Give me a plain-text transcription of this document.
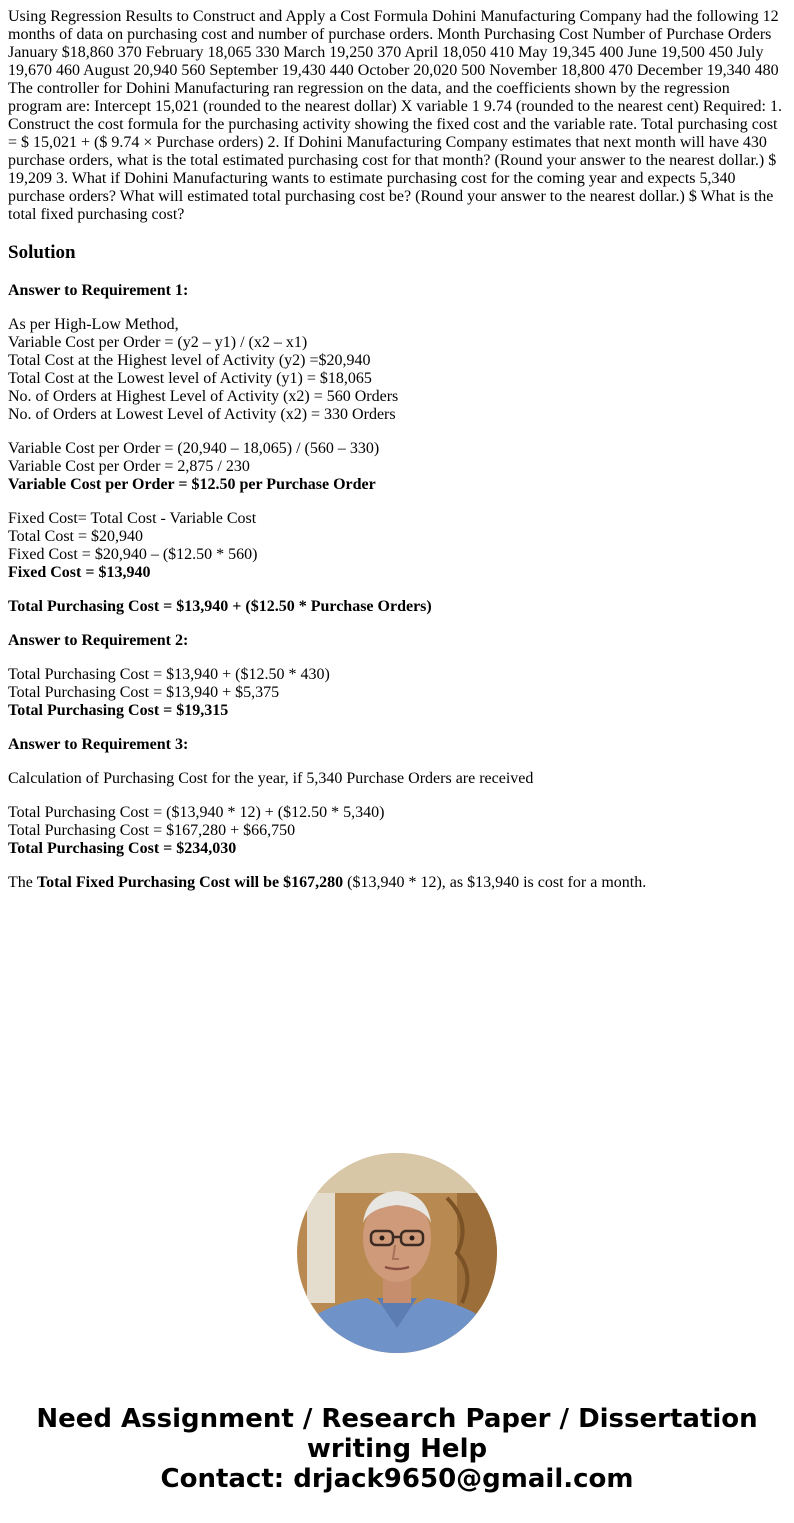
Using Regression Results to Construct and Apply a Cost Formula Dohini Manufacturing Company had the following 12 months of data on purchasing cost and number of purchase orders. Month Purchasing Cost Number of Purchase Orders January $18,860 370 February 18,065 330 March 19,250 370 April 18,050 410 May 19,345 400 June 19,500 450 July 19,670 460 August 20,940 560 September 19,430 440 October 20,020 500 November 18,800 470 December 19,340 480 The controller for Dohini Manufacturing ran regression on the data, and the coefficients shown by the regression program are: Intercept 15,021 (rounded to the nearest dollar) X variable 1 9.74 (rounded to the nearest cent) Required: 1. Construct the cost formula for the purchasing activity showing the fixed cost and the variable rate. Total purchasing cost = $ 15,021 + ($ 9.74 × Purchase orders) 2. If Dohini Manufacturing Company estimates that next month will have 430 purchase orders, what is the total estimated purchasing cost for that month? (Round your answer to the nearest dollar.) $ 19,209 3. What if Dohini Manufacturing wants to estimate purchasing cost for the coming year and expects 5,340 purchase orders? What will estimated total purchasing cost be? (Round your answer to the nearest dollar.) $ What is the total fixed purchasing cost?
Solution

Answer to Requirement 1:

As per High-Low Method,
Variable Cost per Order = (y2 – y1) / (x2 – x1)
Total Cost at the Highest level of Activity (y2) =$20,940
Total Cost at the Lowest level of Activity (y1) = $18,065
No. of Orders at Highest Level of Activity (x2) = 560 Orders
No. of Orders at Lowest Level of Activity (x2) = 330 Orders

Variable Cost per Order = (20,940 – 18,065) / (560 – 330)
Variable Cost per Order = 2,875 / 230
Variable Cost per Order = $12.50 per Purchase Order

Fixed Cost= Total Cost - Variable Cost
Total Cost = $20,940
Fixed Cost = $20,940 – ($12.50 * 560)
Fixed Cost = $13,940

Total Purchasing Cost = $13,940 + ($12.50 * Purchase Orders)

Answer to Requirement 2:

Total Purchasing Cost = $13,940 + ($12.50 * 430)
Total Purchasing Cost = $13,940 + $5,375
Total Purchasing Cost = $19,315

Answer to Requirement 3:

Calculation of Purchasing Cost for the year, if 5,340 Purchase Orders are received

Total Purchasing Cost = ($13,940 * 12) + ($12.50 * 5,340)
Total Purchasing Cost = $167,280 + $66,750
Total Purchasing Cost = $234,030

The Total Fixed Purchasing Cost will be $167,280 ($13,940 * 12), as $13,940 is cost for a month.

Need Assignment / Research Paper / Dissertation
writing Help
Contact: drjack9650@gmail.com
